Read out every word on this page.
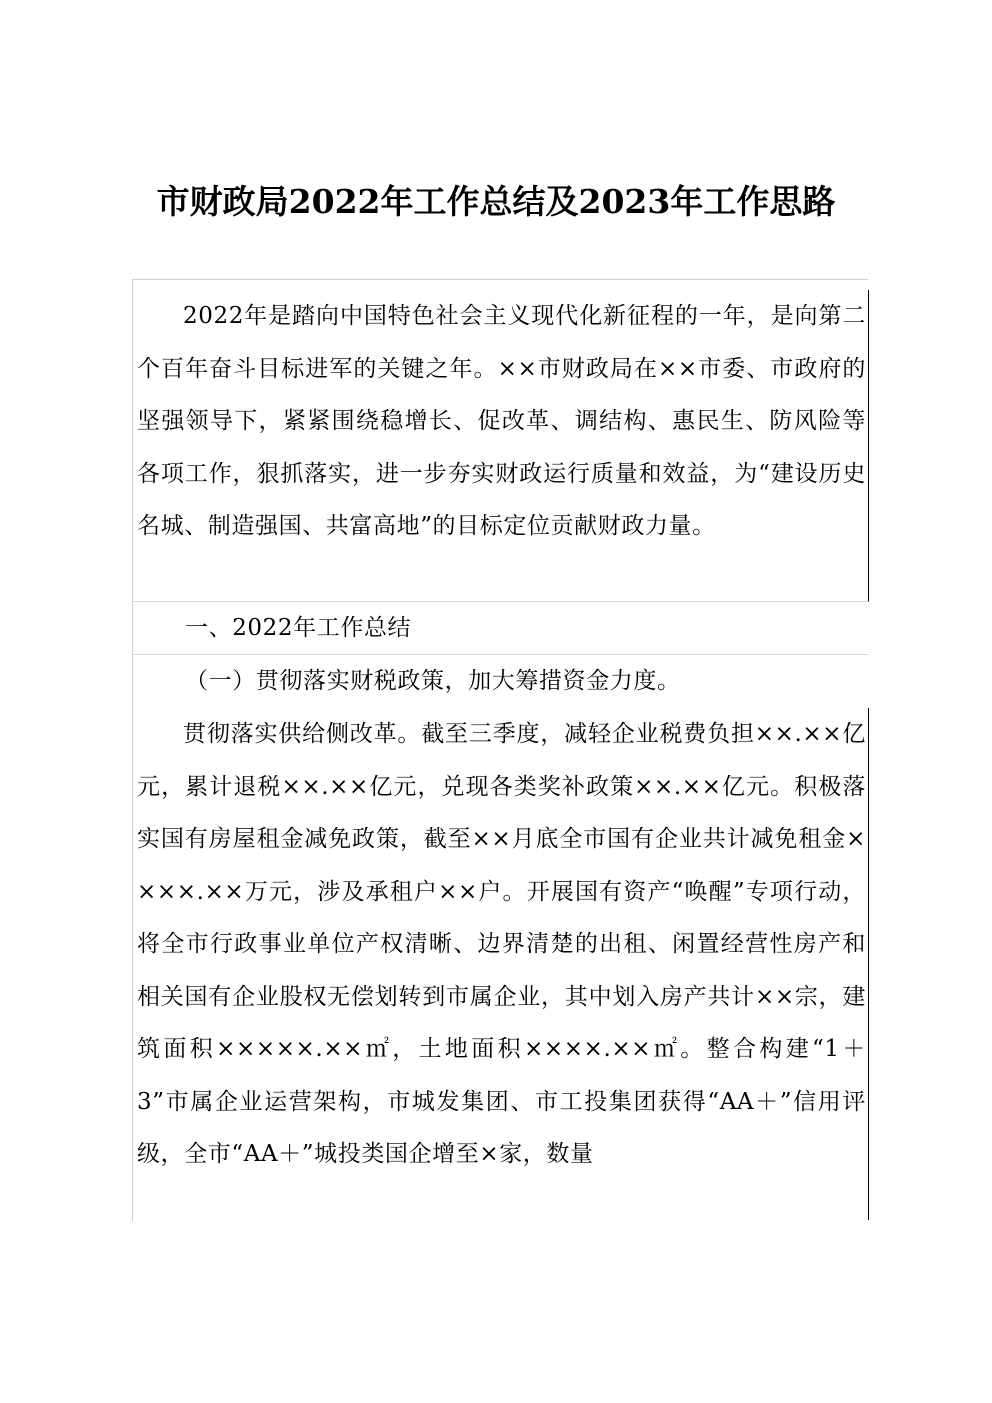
市财政局2022年工作总结及2023年工作思路

2022年是踏向中国特色社会主义现代化新征程的一年，是向第二个百年奋斗目标进军的关键之年。××市财政局在××市委、市政府的坚强领导下，紧紧围绕稳增长、促改革、调结构、惠民生、防风险等各项工作，狠抓落实，进一步夯实财政运行质量和效益，为“建设历史名城、制造强国、共富高地”的目标定位贡献财政力量。

一、2022年工作总结

（一）贯彻落实财税政策，加大筹措资金力度。

贯彻落实供给侧改革。截至三季度，减轻企业税费负担××.××亿元，累计退税××.××亿元，兑现各类奖补政策××.××亿元。积极落实国有房屋租金减免政策，截至××月底全市国有企业共计减免租金××××.××万元，涉及承租户××户。开展国有资产“唤醒”专项行动，将全市行政事业单位产权清晰、边界清楚的出租、闲置经营性房产和相关国有企业股权无偿划转到市属企业，其中划入房产共计××宗，建筑面积×××××.××㎡，土地面积××××.××㎡。整合构建“1＋3”市属企业运营架构，市城发集团、市工投集团获得“AA＋”信用评级，全市“AA＋”城投类国企增至×家，数量
